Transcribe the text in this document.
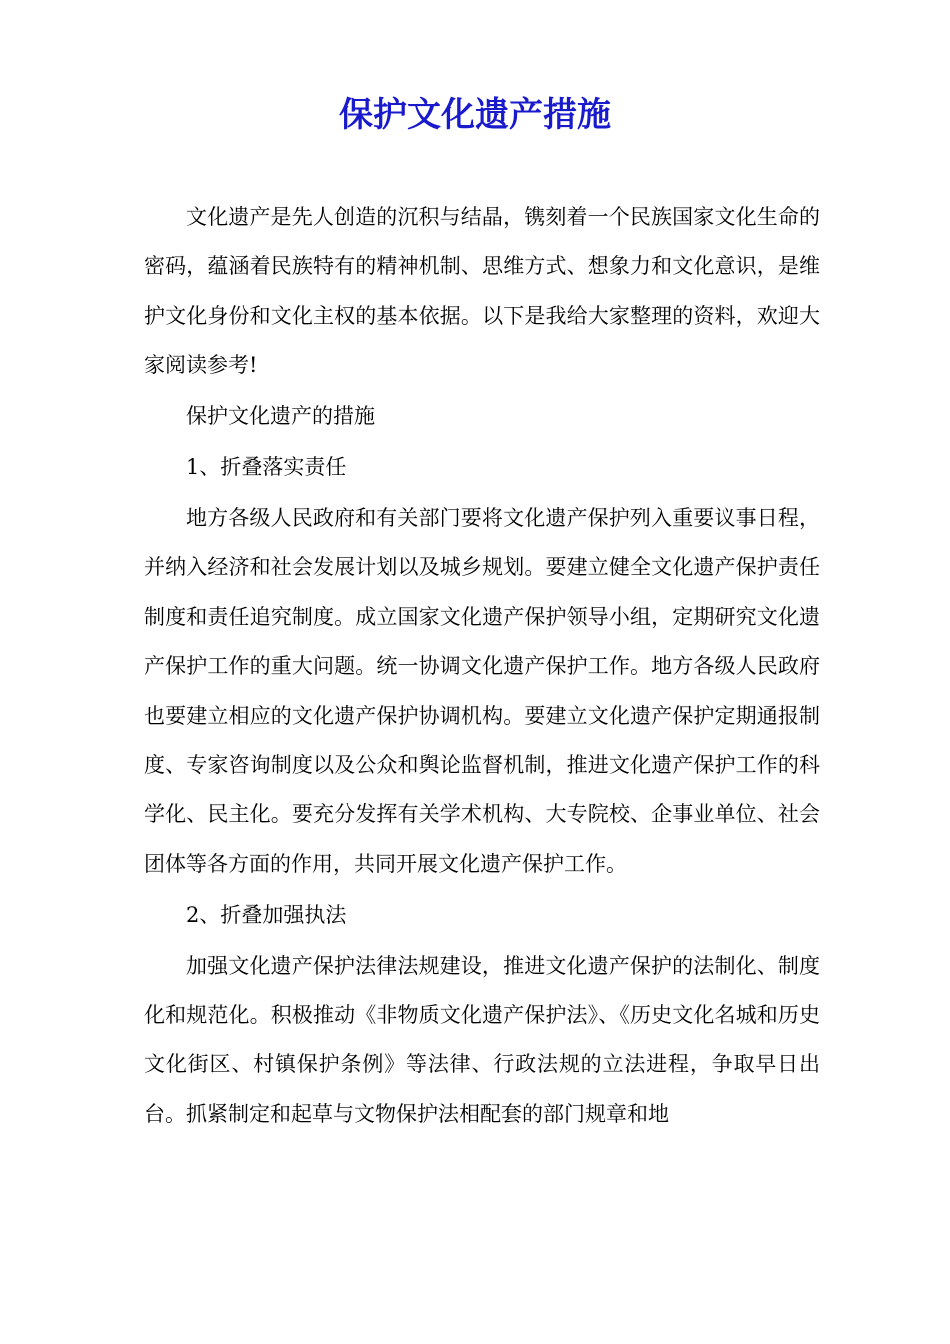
保护文化遗产措施

文化遗产是先人创造的沉积与结晶，镌刻着一个民族国家文化生命的密码，蕴涵着民族特有的精神机制、思维方式、想象力和文化意识，是维护文化身份和文化主权的基本依据。以下是我给大家整理的资料，欢迎大家阅读参考!

保护文化遗产的措施

1、折叠落实责任

地方各级人民政府和有关部门要将文化遗产保护列入重要议事日程，并纳入经济和社会发展计划以及城乡规划。要建立健全文化遗产保护责任制度和责任追究制度。成立国家文化遗产保护领导小组，定期研究文化遗产保护工作的重大问题。统一协调文化遗产保护工作。地方各级人民政府也要建立相应的文化遗产保护协调机构。要建立文化遗产保护定期通报制度、专家咨询制度以及公众和舆论监督机制，推进文化遗产保护工作的科学化、民主化。要充分发挥有关学术机构、大专院校、企事业单位、社会团体等各方面的作用，共同开展文化遗产保护工作。

2、折叠加强执法

加强文化遗产保护法律法规建设，推进文化遗产保护的法制化、制度化和规范化。积极推动《非物质文化遗产保护法》、《历史文化名城和历史文化街区、村镇保护条例》等法律、行政法规的立法进程，争取早日出台。抓紧制定和起草与文物保护法相配套的部门规章和地
